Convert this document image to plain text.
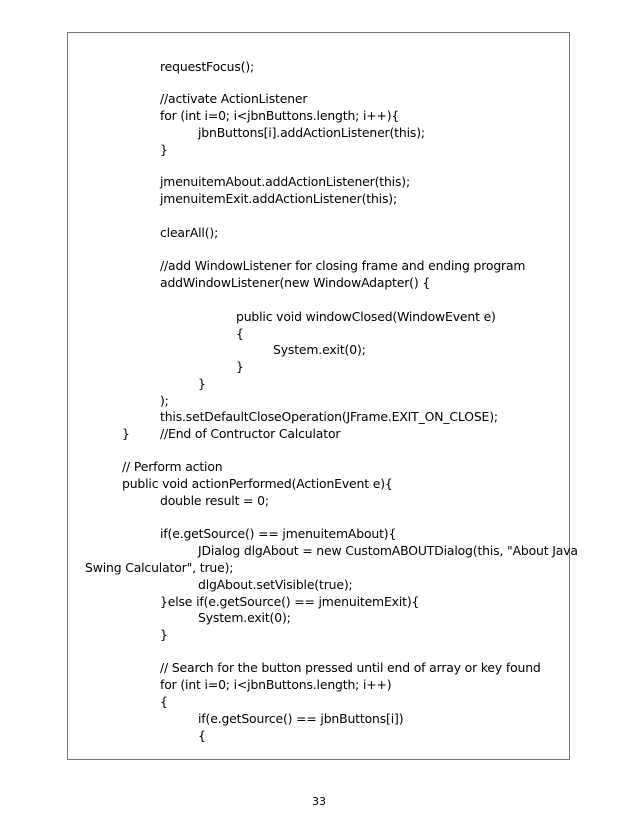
requestFocus();
//activate ActionListener
for (int i=0; i<jbnButtons.length; i++){
jbnButtons[i].addActionListener(this);
}
jmenuitemAbout.addActionListener(this);
jmenuitemExit.addActionListener(this);
clearAll();
//add WindowListener for closing frame and ending program
addWindowListener(new WindowAdapter() {
public void windowClosed(WindowEvent e)
{
System.exit(0);
}
}
);
this.setDefaultCloseOperation(JFrame.EXIT_ON_CLOSE);
} //End of Contructor Calculator
// Perform action
public void actionPerformed(ActionEvent e){
double result = 0;
if(e.getSource() == jmenuitemAbout){
JDialog dlgAbout = new CustomABOUTDialog(this, "About Java
Swing Calculator", true);
dlgAbout.setVisible(true);
}else if(e.getSource() == jmenuitemExit){
System.exit(0);
}
// Search for the button pressed until end of array or key found
for (int i=0; i<jbnButtons.length; i++)
{
if(e.getSource() == jbnButtons[i])
{
33
